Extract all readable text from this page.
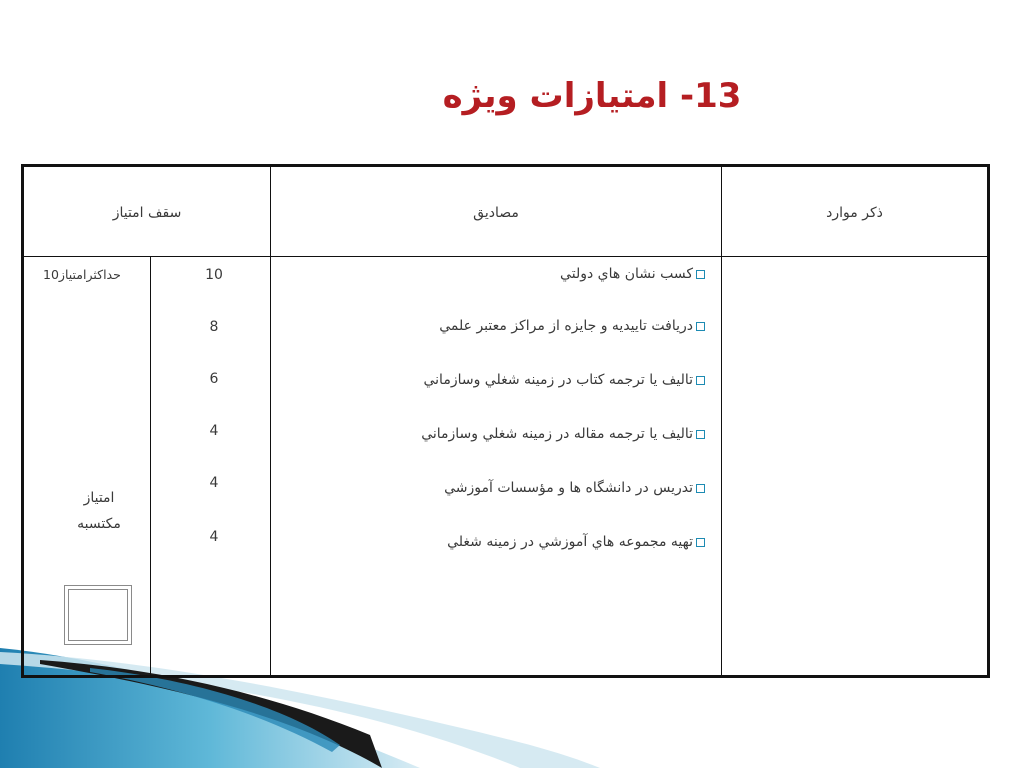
13- امتيازات ويژه
سقف امتياز	مصاديق	ذكر موارد
حداكثرامتياز10
امتياز
مكتسبه
10
8
6
4
4
4
كسب نشان هاي دولتي
دريافت تاييديه و جايزه از مراكز معتبر علمي
تاليف يا ترجمه كتاب در زمينه شغلي وسازماني
تاليف يا ترجمه مقاله در زمينه شغلي وسازماني
تدريس در دانشگاه ها و مؤسسات آموزشي
تهيه مجموعه هاي آموزشي در زمينه شغلي
